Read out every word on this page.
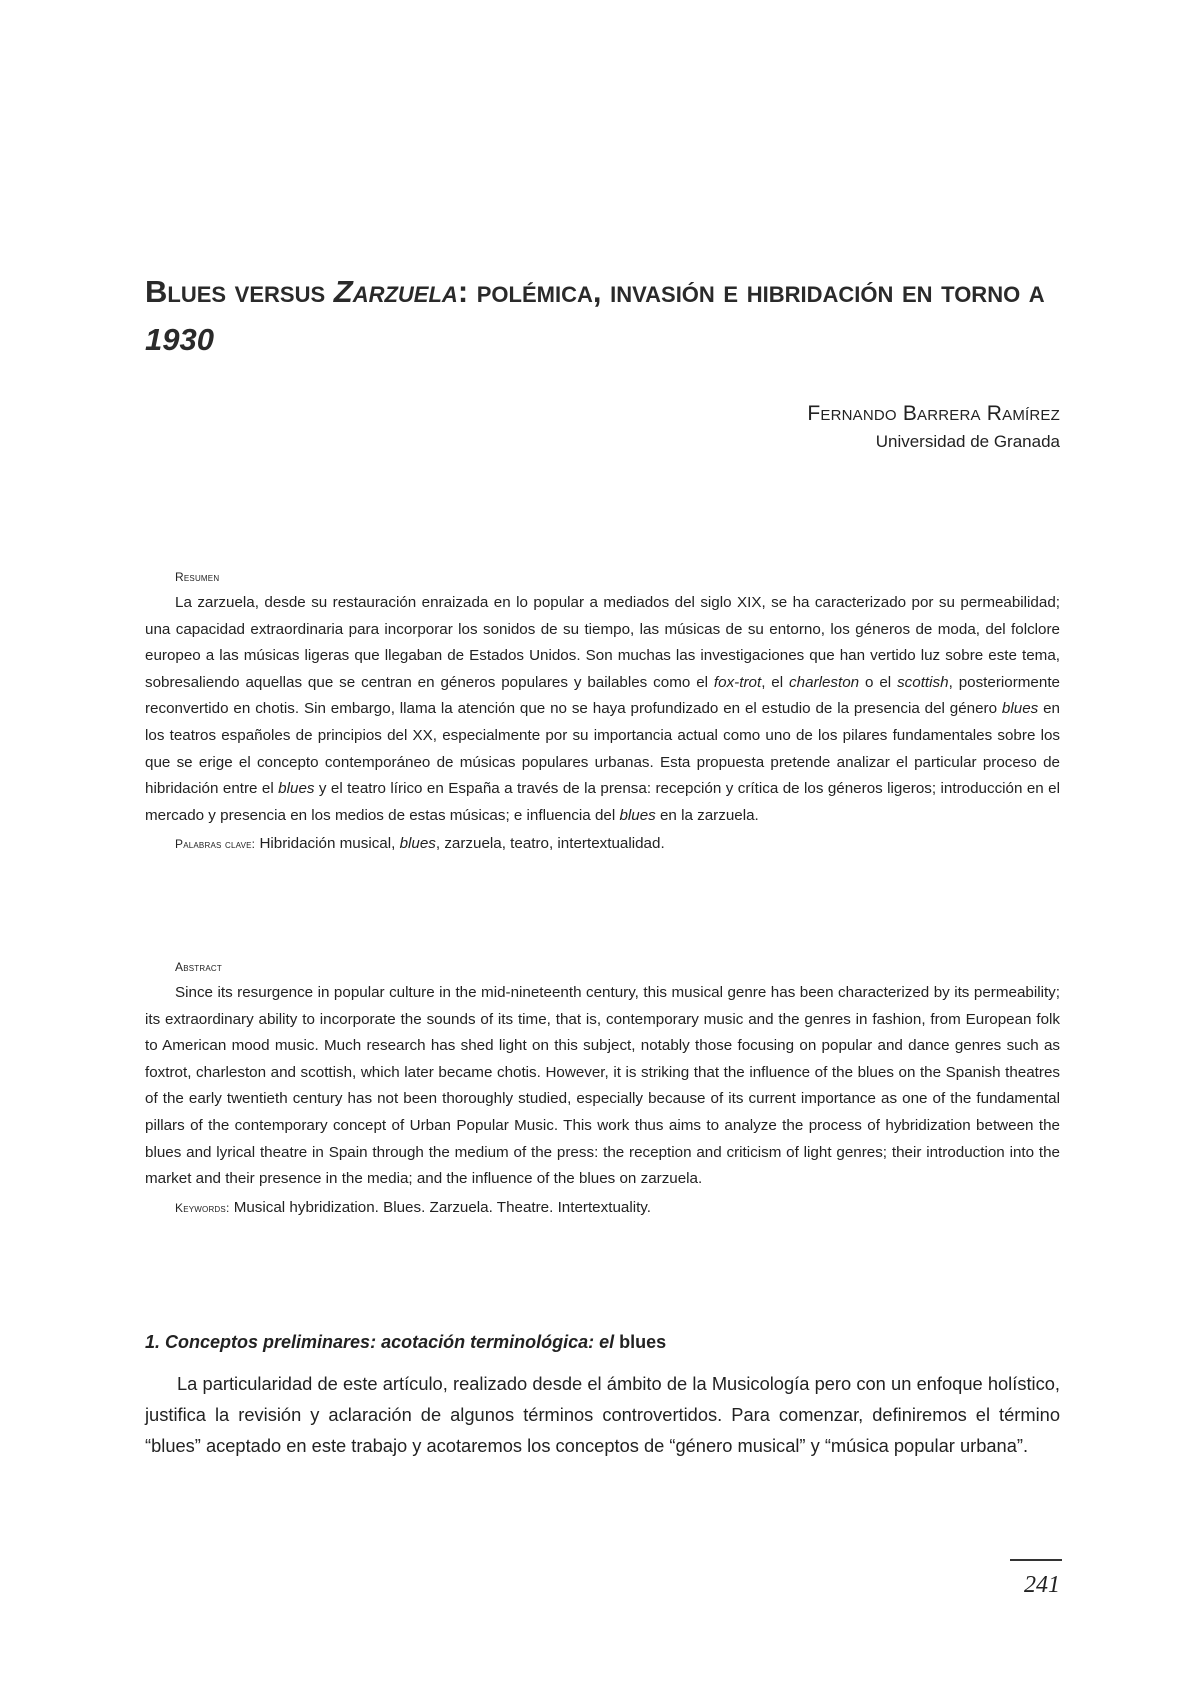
Blues versus Zarzuela: polémica, invasión e hibridación en torno a 1930
Fernando Barrera Ramírez
Universidad de Granada
Resumen

La zarzuela, desde su restauración enraizada en lo popular a mediados del siglo XIX, se ha caracterizado por su permeabilidad; una capacidad extraordinaria para incorporar los sonidos de su tiempo, las músicas de su entorno, los géneros de moda, del folclore europeo a las músicas ligeras que llegaban de Estados Unidos. Son muchas las investigaciones que han vertido luz sobre este tema, sobresaliendo aquellas que se centran en géneros populares y bailables como el fox-trot, el charleston o el scottish, posteriormente reconvertido en chotis. Sin embargo, llama la atención que no se haya profundizado en el estudio de la presencia del género blues en los teatros españoles de principios del XX, especialmente por su importancia actual como uno de los pilares fundamentales sobre los que se erige el concepto contemporáneo de músicas populares urbanas. Esta propuesta pretende analizar el particular proceso de hibridación entre el blues y el teatro lírico en España a través de la prensa: recepción y crítica de los géneros ligeros; introducción en el mercado y presencia en los medios de estas músicas; e influencia del blues en la zarzuela.

Palabras clave: Hibridación musical, blues, zarzuela, teatro, intertextualidad.
Abstract

Since its resurgence in popular culture in the mid-nineteenth century, this musical genre has been characterized by its permeability; its extraordinary ability to incorporate the sounds of its time, that is, contemporary music and the genres in fashion, from European folk to American mood music. Much research has shed light on this subject, notably those focusing on popular and dance genres such as foxtrot, charleston and scottish, which later became chotis. However, it is striking that the influence of the blues on the Spanish theatres of the early twentieth century has not been thoroughly studied, especially because of its current importance as one of the fundamental pillars of the contemporary concept of Urban Popular Music. This work thus aims to analyze the process of hybridization between the blues and lyrical theatre in Spain through the medium of the press: the reception and criticism of light genres; their introduction into the market and their presence in the media; and the influence of the blues on zarzuela.

Keywords: Musical hybridization. Blues. Zarzuela. Theatre. Intertextuality.
1. Conceptos preliminares: acotación terminológica: el blues

La particularidad de este artículo, realizado desde el ámbito de la Musicología pero con un enfoque holístico, justifica la revisión y aclaración de algunos términos controvertidos. Para comenzar, definiremos el término “blues” aceptado en este trabajo y acotaremos los conceptos de “género musical” y “música popular urbana”.

241
